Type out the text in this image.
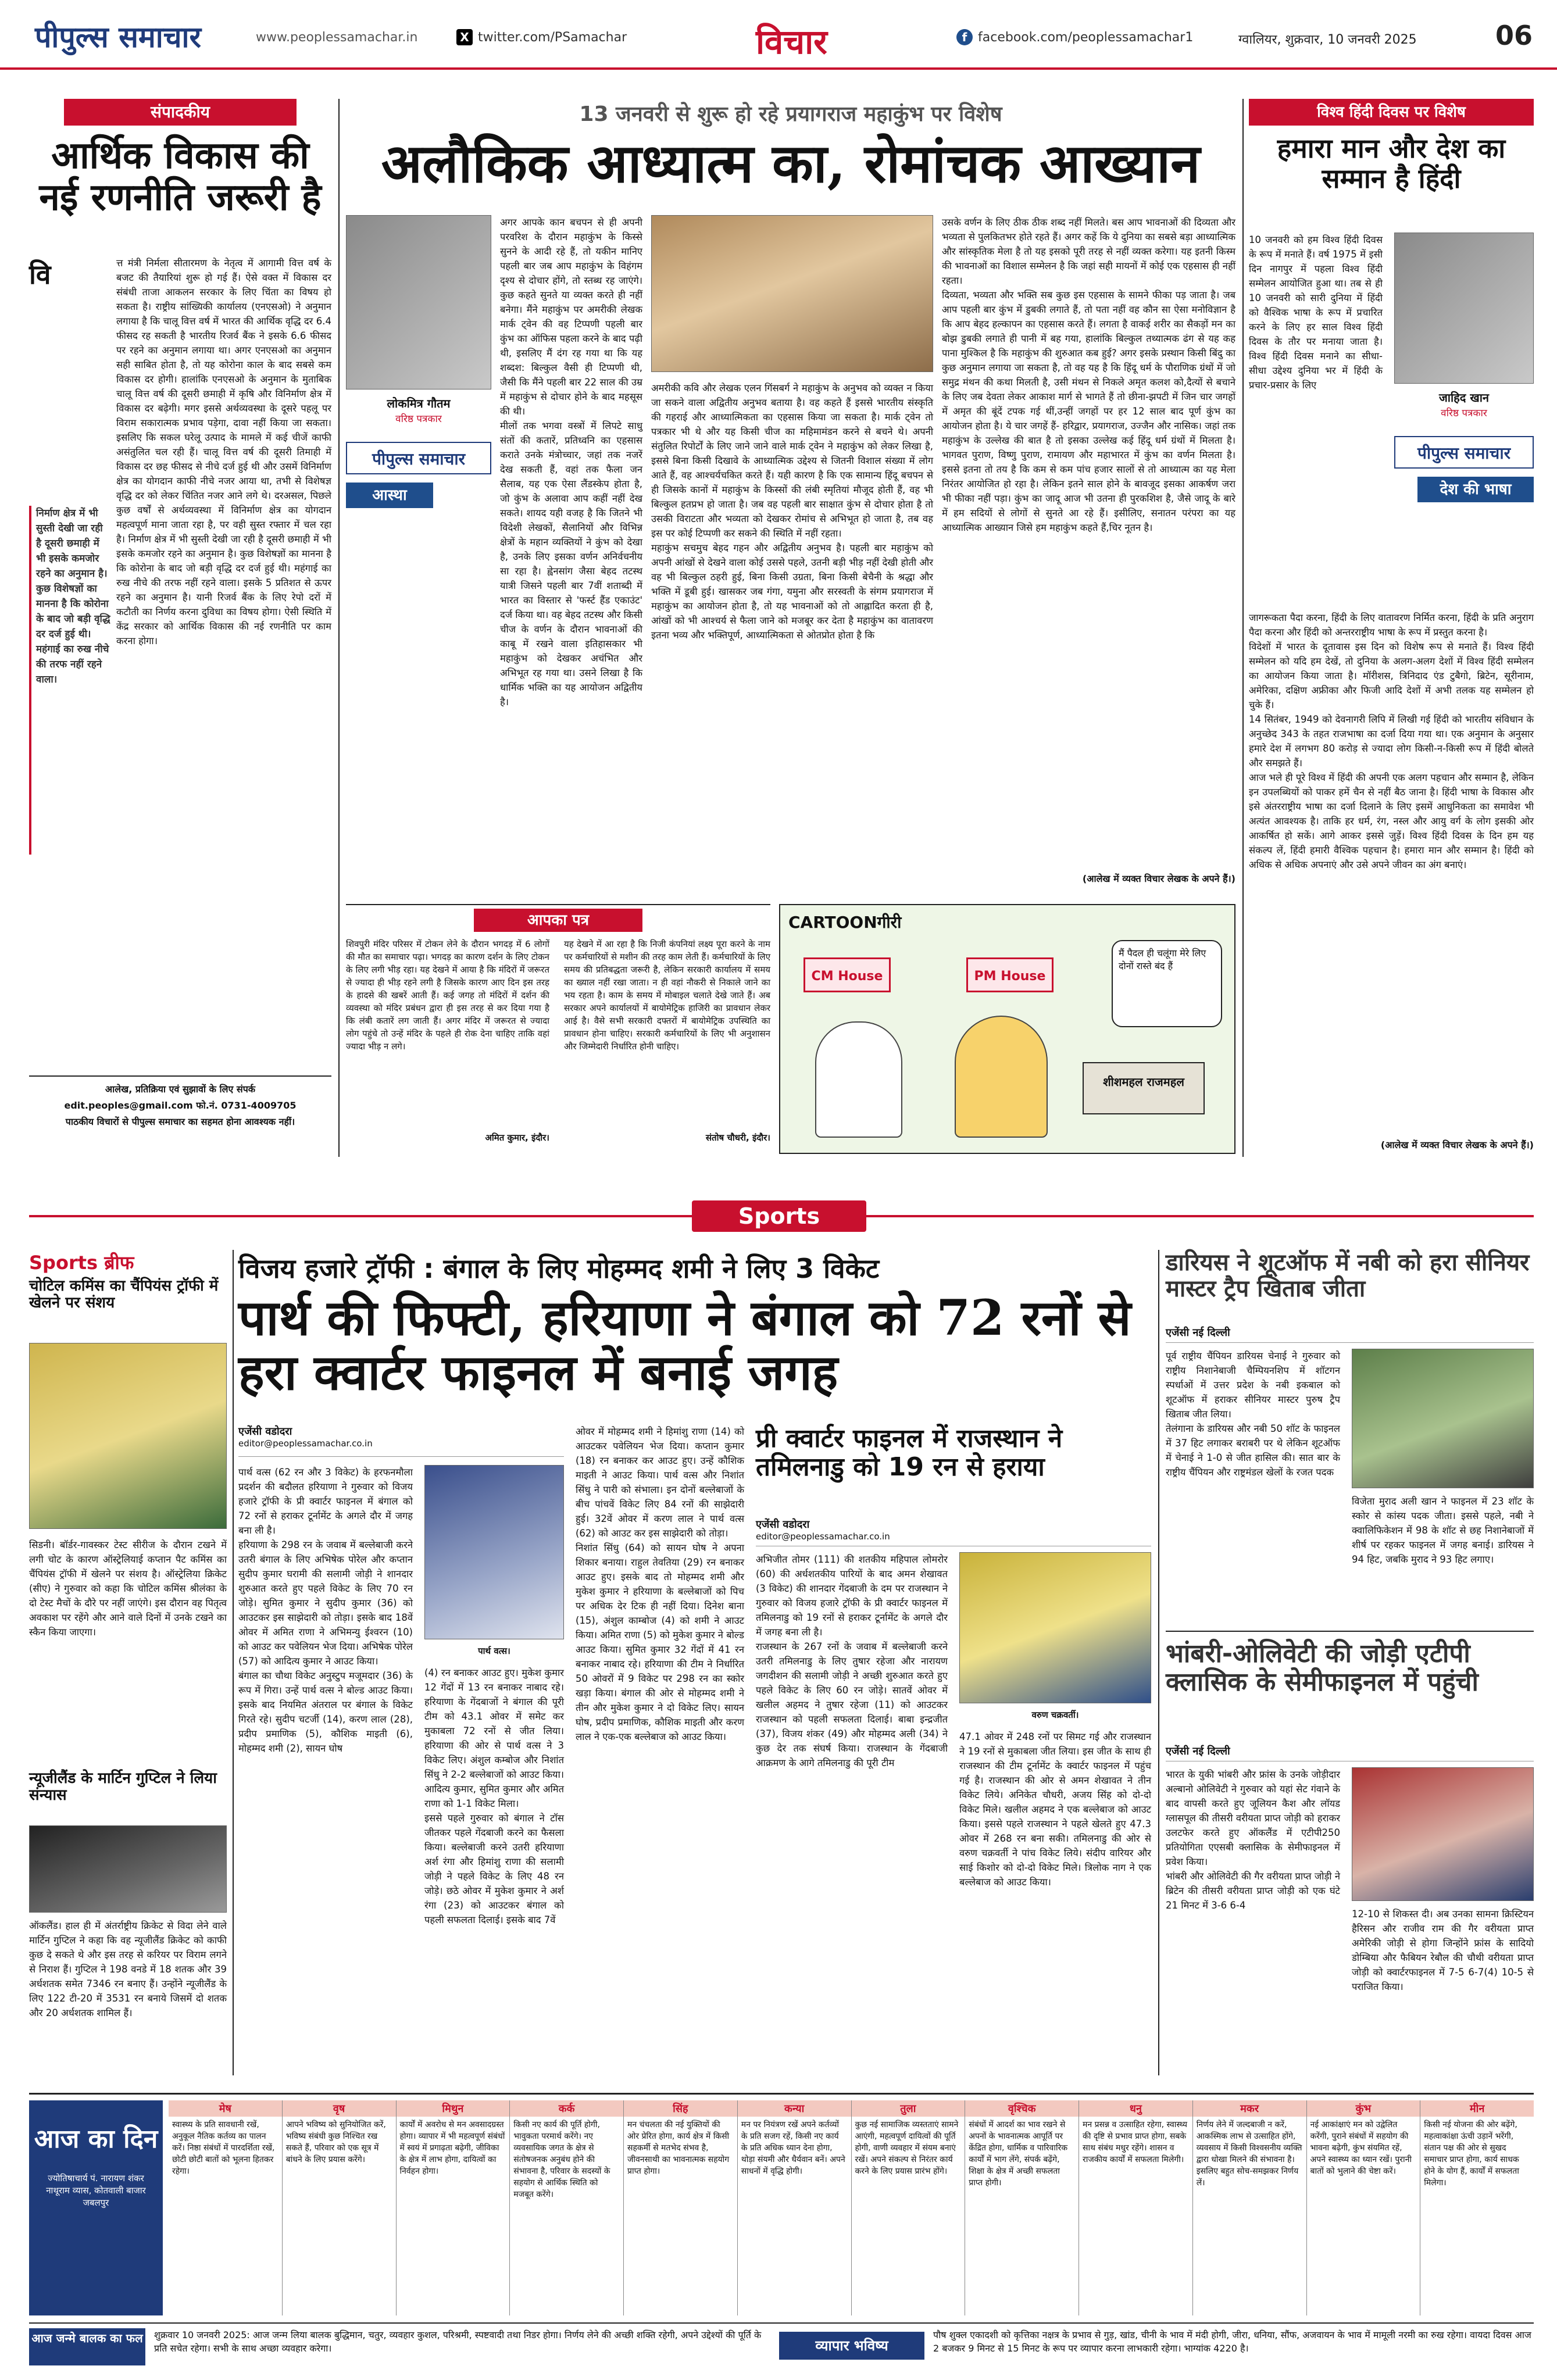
पीपुल्स समाचार	www.peoplessamachar.in	X twitter.com/PSamachar	विचार	f facebook.com/peoplessamachar1	ग्वालियर, शुक्रवार, 10 जनवरी 2025	06
संपादकीय
आर्थिक विकास की नई रणनीति जरूरी है
वि	त्त मंत्री निर्मला सीतारमण के नेतृत्व में आगामी वित्त वर्ष के बजट की तैयारियां शुरू हो गई हैं। ऐसे वक्त में विकास दर संबंधी ताजा आकलन सरकार के लिए चिंता का विषय हो सकता है। राष्ट्रीय सांख्यिकी कार्यालय (एनएसओ) ने अनुमान लगाया है कि चालू वित्त वर्ष में भारत की आर्थिक वृद्धि दर 6.4 फीसद रह सकती है भारतीय रिजर्व बैंक ने इसके 6.6 फीसद पर रहने का अनुमान लगाया था। अगर एनएसओ का अनुमान सही साबित होता है, तो यह कोरोना काल के बाद सबसे कम विकास दर होगी। हालांकि एनएसओ के अनुमान के मुताबिक चालू वित्त वर्ष की दूसरी छमाही में कृषि और विनिर्माण क्षेत्र में विकास दर बढ़ेगी। मगर इससे अर्थव्यवस्था के दूसरे पहलू पर विराम सकारात्मक प्रभाव पड़ेगा, दावा नहीं किया जा सकता। इसलिए कि सकल घरेलू उत्पाद के मामले में कई चीजें काफी असंतुलित चल रही हैं। चालू वित्त वर्ष की दूसरी तिमाही में विकास दर छह फीसद से नीचे दर्ज हुई थी और उसमें विनिर्माण क्षेत्र का योगदान काफी नीचे नजर आया था, तभी से विशेषज्ञ वृद्धि दर को लेकर चिंतित नजर आने लगे थे। दरअसल, पिछले कुछ वर्षों से अर्थव्यवस्था में विनिर्माण क्षेत्र का योगदान महत्वपूर्ण माना जाता रहा है, पर वही सुस्त रफ्तार में चल रहा है। निर्माण क्षेत्र में भी सुस्ती देखी जा रही है दूसरी छमाही में भी इसके कमजोर रहने का अनुमान है। कुछ विशेषज्ञों का मानना है कि कोरोना के बाद जो बड़ी वृद्धि दर दर्ज हुई थी। महंगाई का रुख नीचे की तरफ नहीं रहने वाला। इसके 5 प्रतिशत से ऊपर रहने का अनुमान है। यानी रिजर्व बैंक के लिए रेपो दरों में कटौती का निर्णय करना दुविधा का विषय होगा। ऐसी स्थिति में केंद्र सरकार को आर्थिक विकास की नई रणनीति पर काम करना होगा।
निर्माण क्षेत्र में भी सुस्ती देखी जा रही है दूसरी छमाही में भी इसके कमजोर रहने का अनुमान है। कुछ विशेषज्ञों का मानना है कि कोरोना के बाद जो बड़ी वृद्धि दर दर्ज हुई थी। महंगाई का रुख नीचे की तरफ नहीं रहने वाला।
आलेख, प्रतिक्रिया एवं सुझावों के लिए संपर्क
edit.peoples@gmail.com फो.नं. 0731-4009705
पाठकीय विचारों से पीपुल्स समाचार का सहमत होना आवश्यक नहीं।
13 जनवरी से शुरू हो रहे प्रयागराज महाकुंभ पर विशेष
अलौकिक आध्यात्म का, रोमांचक आख्यान
लोकमित्र गौतम
वरिष्ठ पत्रकार
पीपुल्स समाचार
आस्था
अगर आपके कान बचपन से ही अपनी परवरिश के दौरान महाकुंभ के किस्से सुनने के आदी रहे हैं, तो यकीन मानिए पहली बार जब आप महाकुंभ के विहंगम दृश्य से दोचार होंगे, तो स्तब्ध रह जाएंगे। कुछ कहते सुनते या व्यक्त करते ही नहीं बनेगा। मैंने महाकुंभ पर अमरीकी लेखक मार्क ट्वेन की वह टिप्पणी पहली बार कुंभ का ऑफिस पहला करने के बाद पढ़ी थी, इसलिए मैं दंग रह गया था कि यह शब्दश: बिल्कुल वैसी ही टिप्पणी थी, जैसी कि मैंने पहली बार 22 साल की उम्र में महाकुंभ से दोचार होने के बाद महसूस की थी।
मीलों तक भगवा वस्त्रों में लिपटे साधु संतों की कतारें, प्रतिध्वनि का एहसास कराते उनके मंत्रोच्चार, जहां तक नजरें देख सकती हैं, वहां तक फैला जन सैलाब, यह एक ऐसा लैंडस्केप होता है, जो कुंभ के अलावा आप कहीं नहीं देख सकते। शायद यही वजह है कि जितने भी विदेशी लेखकों, सैलानियों और विभिन्न क्षेत्रों के महान व्यक्तियों ने कुंभ को देखा है, उनके लिए इसका वर्णन अनिर्वचनीय सा रहा है। ह्वेनसांग जैसा बेहद तटस्थ यात्री जिसने पहली बार 7वीं शताब्दी में भारत का विस्तार से 'फर्स्ट हैंड एकाउंट' दर्ज किया था। वह बेहद तटस्थ और किसी चीज के वर्णन के दौरान भावनाओं की काबू में रखने वाला इतिहासकार भी महाकुंभ को देखकर अचंभित और अभिभूत रह गया था। उसने लिखा है कि धार्मिक भक्ति का यह आयोजन अद्वितीय है।
अमरीकी कवि और लेखक एलन गिंसबर्ग ने महाकुंभ के अनुभव को व्यक्त न किया जा सकने वाला अद्वितीय अनुभव बताया है। वह कहते हैं इससे भारतीय संस्कृति की गहराई और आध्यात्मिकता का एहसास किया जा सकता है। मार्क ट्वेन तो पत्रकार भी थे और यह किसी चीज का महिमामंडन करने से बचने थे। अपनी संतुलित रिपोर्टों के लिए जाने जाने वाले मार्क ट्वेन ने महाकुंभ को लेकर लिखा है, इससे बिना किसी दिखावे के आध्यात्मिक उद्देश्य से जितनी विशाल संख्या में लोग आते हैं, वह आश्चर्यचकित करते हैं। यही कारण है कि एक सामान्य हिंदू बचपन से ही जिसके कानों में महाकुंभ के किस्सों की लंबी स्मृतियां मौजूद होती हैं, वह भी बिल्कुल हतप्रभ हो जाता है। जब वह पहली बार साक्षात कुंभ से दोचार होता है तो उसकी विराटता और भव्यता को देखकर रोमांच से अभिभूत हो जाता है, तब वह इस पर कोई टिप्पणी कर सकने की स्थिति में नहीं रहता।
महाकुंभ सचमुच बेहद गहन और अद्वितीय अनुभव है। पहली बार महाकुंभ को अपनी आंखों से देखने वाला कोई उससे पहले, उतनी बड़ी भीड़ नहीं देखी होती और वह भी बिल्कुल ठहरी हुई, बिना किसी उग्रता, बिना किसी बेचैनी के श्रद्धा और भक्ति में डूबी हुई। खासकर जब गंगा, यमुना और सरस्वती के संगम प्रयागराज में महाकुंभ का आयोजन होता है, तो यह भावनाओं को तो आह्लादित करता ही है, आंखों को भी आश्चर्य से फैला जाने को मजबूर कर देता है महाकुंभ का वातावरण इतना भव्य और भक्तिपूर्ण, आध्यात्मिकता से ओतप्रोत होता है कि
उसके वर्णन के लिए ठीक ठीक शब्द नहीं मिलते। बस आप भावनाओं की दिव्यता और भव्यता से पुलकितभर होते रहते हैं। अगर कहें कि ये दुनिया का सबसे बड़ा आध्यात्मिक और सांस्कृतिक मेला है तो यह इसको पूरी तरह से नहीं व्यक्त करेगा। यह इतनी किस्म की भावनाओं का विशाल सम्मेलन है कि जहां सही मायनों में कोई एक एहसास ही नहीं रहता।
दिव्यता, भव्यता और भक्ति सब कुछ इस एहसास के सामने फीका पड़ जाता है। जब आप पहली बार कुंभ में डुबकी लगाते हैं, तो पता नहीं वह कौन सा ऐसा मनोविज्ञान है कि आप बेहद हल्कापन का एहसास करते हैं। लगता है वाकई शरीर का सैकड़ों मन का बोझ डुबकी लगाते ही पानी में बह गया, हालांकि बिल्कुल तथ्यात्मक ढंग से यह कह पाना मुश्किल है कि महाकुंभ की शुरुआत कब हुई? अगर इसके प्रस्थान किसी बिंदु का कुछ अनुमान लगाया जा सकता है, तो वह यह है कि हिंदू धर्म के पौराणिक ग्रंथों में जो समुद्र मंथन की कथा मिलती है, उसी मंथन से निकले अमृत कलश को,दैत्यों से बचाने के लिए जब देवता लेकर आकाश मार्ग से भागते हैं तो छीना-झपटी में जिन चार जगहों में अमृत की बूंदें टपक गई थीं,उन्हीं जगहों पर हर 12 साल बाद पूर्ण कुंभ का आयोजन होता है। ये चार जगहें हैं- हरिद्वार, प्रयागराज, उज्जैन और नासिक। जहां तक महाकुंभ के उल्लेख की बात है तो इसका उल्लेख कई हिंदू धर्म ग्रंथों में मिलता है। भागवत पुराण, विष्णु पुराण, रामायण और महाभारत में कुंभ का वर्णन मिलता है। इससे इतना तो तय है कि कम से कम पांच हजार सालों से तो आध्यात्म का यह मेला निरंतर आयोजित हो रहा है। लेकिन इतने साल होने के बावजूद इसका आकर्षण जरा भी फीका नहीं पड़ा। कुंभ का जादू आज भी उतना ही पुरकशिश है, जैसे जादू के बारे में हम सदियों से लोगों से सुनते आ रहे हैं। इसीलिए, सनातन परंपरा का यह आध्यात्मिक आख्यान जिसे हम महाकुंभ कहते हैं,चिर नूतन है।
(आलेख में व्यक्त विचार लेखक के अपने हैं।)
आपका पत्र
शिवपुरी मंदिर परिसर में टोकन लेने के दौरान भगदड़ में 6 लोगों की मौत का समाचार पढ़ा। भगदड़ का कारण दर्शन के लिए टोकन के लिए लगी भीड़ रहा। यह देखने में आया है कि मंदिरों में जरूरत से ज्यादा ही भीड़ रहने लगी है जिसके कारण आए दिन इस तरह के हादसे की खबरें आती हैं। कई जगह तो मंदिरों में दर्शन की व्यवस्था को मंदिर प्रबंधन द्वारा ही इस तरह से कर दिया गया है कि लंबी कतारें लग जाती हैं। अगर मंदिर में जरूरत से ज्यादा लोग पहुंचे तो उन्हें मंदिर के पहले ही रोक देना चाहिए ताकि वहां ज्यादा भीड़ न लगे।
अमित कुमार, इंदौर।
यह देखने में आ रहा है कि निजी कंपनियां लक्ष्य पूरा करने के नाम पर कर्मचारियों से मशीन की तरह काम लेती हैं। कर्मचारियों के लिए समय की प्रतिबद्धता जरूरी है, लेकिन सरकारी कार्यालय में समय का ख्याल नहीं रखा जाता। न ही वहां नौकरी से निकाले जाने का भय रहता है। काम के समय में मोबाइल चलाते देखे जाते हैं। अब सरकार अपने कार्यालयों में बायोमेट्रिक हाजिरी का प्रावधान लेकर आई है। वैसे सभी सरकारी दफ्तरों में बायोमेट्रिक उपस्थिति का प्रावधान होना चाहिए। सरकारी कर्मचारियों के लिए भी अनुशासन और जिम्मेदारी निर्धारित होनी चाहिए।
संतोष चौधरी, इंदौर।
CARTOONगीरी
CM House	PM House
मैं पैदल ही चलूंगा मेरे लिए दोनों रास्ते बंद हैं
शीशमहल राजमहल
विश्व हिंदी दिवस पर विशेष
हमारा मान और देश का सम्मान है हिंदी
10 जनवरी को हम विश्व हिंदी दिवस के रूप में मनाते हैं। वर्ष 1975 में इसी दिन नागपुर में पहला विश्व हिंदी सम्मेलन आयोजित हुआ था। तब से ही 10 जनवरी को सारी दुनिया में हिंदी को वैश्विक भाषा के रूप में प्रचारित करने के लिए हर साल विश्व हिंदी दिवस के तौर पर मनाया जाता है। विश्व हिंदी दिवस मनाने का सीधा-सीधा उद्देश्य दुनिया भर में हिंदी के प्रचार-प्रसार के लिए
जाहिद खान
वरिष्ठ पत्रकार
पीपुल्स समाचार
देश की भाषा
जागरूकता पैदा करना, हिंदी के लिए वातावरण निर्मित करना, हिंदी के प्रति अनुराग पैदा करना और हिंदी को अन्तरराष्ट्रीय भाषा के रूप में प्रस्तुत करना है।
विदेशों में भारत के दूतावास इस दिन को विशेष रूप से मनाते हैं। विश्व हिंदी सम्मेलन को यदि हम देखें, तो दुनिया के अलग-अलग देशों में विश्व हिंदी सम्मेलन का आयोजन किया जाता है। मॉरीशस, त्रिनिदाद एंड टुबैगो, ब्रिटेन, सूरीनाम, अमेरिका, दक्षिण अफ्रीका और फिजी आदि देशों में अभी तलक यह सम्मेलन हो चुके हैं।
14 सितंबर, 1949 को देवनागरी लिपि में लिखी गई हिंदी को भारतीय संविधान के अनुच्छेद 343 के तहत राजभाषा का दर्जा दिया गया था। एक अनुमान के अनुसार हमारे देश में लगभग 80 करोड़ से ज्यादा लोग किसी-न-किसी रूप में हिंदी बोलते और समझते हैं।
आज भले ही पूरे विश्व में हिंदी की अपनी एक अलग पहचान और सम्मान है, लेकिन इन उपलब्धियों को पाकर हमें चैन से नहीं बैठ जाना है। हिंदी भाषा के विकास और इसे अंतरराष्ट्रीय भाषा का दर्जा दिलाने के लिए इसमें आधुनिकता का समावेश भी अत्यंत आवश्यक है। ताकि हर धर्म, रंग, नस्ल और आयु वर्ग के लोग इसकी ओर आकर्षित हो सकें। आगे आकर इससे जुड़ें। विश्व हिंदी दिवस के दिन हम यह संकल्प लें, हिंदी हमारी वैश्विक पहचान है। हमारा मान और सम्मान है। हिंदी को अधिक से अधिक अपनाएं और उसे अपने जीवन का अंग बनाएं।
(आलेख में व्यक्त विचार लेखक के अपने हैं।)
Sports
Sports ब्रीफ
चोटिल कमिंस का चैंपियंस ट्रॉफी में खेलने पर संशय
सिडनी। बॉर्डर-गावस्कर टेस्ट सीरीज के दौरान टखने में लगी चोट के कारण ऑस्ट्रेलियाई कप्तान पैट कमिंस का चैंपियंस ट्रॉफी में खेलने पर संशय है। ऑस्ट्रेलिया क्रिकेट (सीए) ने गुरुवार को कहा कि चोटिल कमिंस श्रीलंका के दो टेस्ट मैचों के दौरे पर नहीं जाएंगे। इस दौरान वह पितृत्व अवकाश पर रहेंगे और आने वाले दिनों में उनके टखने का स्कैन किया जाएगा।
न्यूजीलैंड के मार्टिन गुप्टिल ने लिया संन्यास
ऑकलैंड। हाल ही में अंतर्राष्ट्रीय क्रिकेट से विदा लेने वाले मार्टिन गुप्टिल ने कहा कि वह न्यूजीलैंड क्रिकेट को काफी कुछ दे सकते थे और इस तरह से करियर पर विराम लगने से निराश हैं। गुप्टिल ने 198 वनडे में 18 शतक और 39 अर्धशतक समेत 7346 रन बनाए हैं। उन्होंने न्यूजीलैंड के लिए 122 टी-20 में 3531 रन बनाये जिसमें दो शतक और 20 अर्धशतक शामिल हैं।
विजय हजारे ट्रॉफी : बंगाल के लिए मोहम्मद शमी ने लिए 3 विकेट
पार्थ की फिफ्टी, हरियाणा ने बंगाल को 72 रनों से हरा क्वार्टर फाइनल में बनाई जगह
एजेंसी वडोदरा
editor@peoplessamachar.co.in
पार्थ वत्स (62 रन और 3 विकेट) के हरफनमौला प्रदर्शन की बदौलत हरियाणा ने गुरुवार को विजय हजारे ट्रॉफी के प्री क्वार्टर फाइनल में बंगाल को 72 रनों से हराकर टूर्नामेंट के अगले दौर में जगह बना ली है।
हरियाणा के 298 रन के जवाब में बल्लेबाजी करने उतरी बंगाल के लिए अभिषेक पोरेल और कप्तान सुदीप कुमार घरामी की सलामी जोड़ी ने शानदार शुरुआत करते हुए पहले विकेट के लिए 70 रन जोड़े। सुमित कुमार ने सुदीप कुमार (36) को आउटकर इस साझेदारी को तोड़ा। इसके बाद 18वें ओवर में अमित राणा ने अभिमन्यु ईश्वरन (10) को आउट कर पवेलियन भेज दिया। अभिषेक पोरेल (57) को आदित्य कुमार ने आउट किया।
बंगाल का चौथा विकेट अनुस्टुप मजूमदार (36) के रूप में गिरा। उन्हें पार्थ वत्स ने बोल्ड आउट किया। इसके बाद नियमित अंतराल पर बंगाल के विकेट गिरते रहे। सुदीप चटर्जी (14), करण लाल (28), प्रदीप प्रमाणिक (5), कौशिक माइती (6), मोहम्मद शमी (2), सायन घोष
पार्थ वत्स।
(4) रन बनाकर आउट हुए। मुकेश कुमार 12 गेंदों में 13 रन बनाकर नाबाद रहे। हरियाणा के गेंदबाजों ने बंगाल की पूरी टीम को 43.1 ओवर में समेट कर मुकाबला 72 रनों से जीत लिया। हरियाणा की ओर से पार्थ वत्स ने 3 विकेट लिए। अंशुल कम्बोज और निशांत सिंधु ने 2-2 बल्लेबाजों को आउट किया। आदित्य कुमार, सुमित कुमार और अमित राणा को 1-1 विकेट मिला।
इससे पहले गुरुवार को बंगाल ने टॉस जीतकर पहले गेंदबाजी करने का फैसला किया। बल्लेबाजी करने उतरी हरियाणा अर्श रंगा और हिमांशु राणा की सलामी जोड़ी ने पहले विकेट के लिए 48 रन जोड़े। छठे ओवर में मुकेश कुमार ने अर्श रंगा (23) को आउटकर बंगाल को पहली सफलता दिलाई। इसके बाद 7वें
ओवर में मोहम्मद शमी ने हिमांशु राणा (14) को आउटकर पवेलियन भेज दिया। कप्तान कुमार (18) रन बनाकर कर आउट हुए। उन्हें कौशिक माइती ने आउट किया। पार्थ वत्स और निशांत सिंधु ने पारी को संभाला। इन दोनों बल्लेबाजों के बीच पांचवें विकेट लिए 84 रनों की साझेदारी हुई। 32वें ओवर में करण लाल ने पार्थ वत्स (62) को आउट कर इस साझेदारी को तोड़ा।
निशांत सिंधु (64) को सायन घोष ने अपना शिकार बनाया। राहुल तेवतिया (29) रन बनाकर आउट हुए। इसके बाद तो मोहम्मद शमी और मुकेश कुमार ने हरियाणा के बल्लेबाजों को पिच पर अधिक देर टिक ही नहीं दिया। दिनेश बाना (15), अंशुल काम्बोज (4) को शमी ने आउट किया। अमित राणा (5) को मुकेश कुमार ने बोल्ड आउट किया। सुमित कुमार 32 गेंदों में 41 रन बनाकर नाबाद रहे। हरियाणा की टीम ने निर्धारित 50 ओवरों में 9 विकेट पर 298 रन का स्कोर खड़ा किया। बंगाल की ओर से मोहम्मद शमी ने तीन और मुकेश कुमार ने दो विकेट लिए। सायन घोष, प्रदीप प्रमाणिक, कौशिक माइती और करण लाल ने एक-एक बल्लेबाज को आउट किया।
प्री क्वार्टर फाइनल में राजस्थान ने तमिलनाडु को 19 रन से हराया
एजेंसी वडोदरा
editor@peoplessamachar.co.in
अभिजीत तोमर (111) की शतकीय महिपाल लोमरोर (60) की अर्धशतकीय पारियों के बाद अमन शेखावत (3 विकेट) की शानदार गेंदबाजी के दम पर राजस्थान ने गुरुवार को विजय हजारे ट्रॉफी के प्री क्वार्टर फाइनल में तमिलनाडु को 19 रनों से हराकर टूर्नामेंट के अगले दौर में जगह बना ली है।
राजस्थान के 267 रनों के जवाब में बल्लेबाजी करने उतरी तमिलनाडु के लिए तुषार रहेजा और नारायण जगदीशन की सलामी जोड़ी ने अच्छी शुरुआत करते हुए पहले विकेट के लिए 60 रन जोड़े। सातवें ओवर में खलील अहमद ने तुषार रहेजा (11) को आउटकर राजस्थान को पहली सफलता दिलाई। बाबा इन्द्रजीत (37), विजय शंकर (49) और मोहम्मद अली (34) ने कुछ देर तक संघर्ष किया। राजस्थान के गेंदबाजी आक्रमण के आगे तमिलनाडु की पूरी टीम
वरुण चक्रवर्ती।
47.1 ओवर में 248 रनों पर सिमट गई और राजस्थान ने 19 रनों से मुकाबला जीत लिया। इस जीत के साथ ही राजस्थान की टीम टूर्नामेंट के क्वार्टर फाइनल में पहुंच गई है। राजस्थान की ओर से अमन शेखावत ने तीन विकेट लिये। अनिकेत चौधरी, अजय सिंह को दो-दो विकेट मिले। खलील अहमद ने एक बल्लेबाज को आउट किया। इससे पहले राजस्थान ने पहले खेलते हुए 47.3 ओवर में 268 रन बना सकी। तमिलनाडु की ओर से वरुण चक्रवर्ती ने पांच विकेट लिये। संदीप वारियर और साई किशोर को दो-दो विकेट मिले। त्रिलोक नाग ने एक बल्लेबाज को आउट किया।
डारियस ने शूटऑफ में नबी को हरा सीनियर मास्टर ट्रैप खिताब जीता
एजेंसी नई दिल्ली
पूर्व राष्ट्रीय चैंपियन डारियस चेनाई ने गुरुवार को राष्ट्रीय निशानेबाजी चैम्पियनशिप में शॉटगन स्पर्धाओं में उत्तर प्रदेश के नबी इकबाल को शूटऑफ में हराकर सीनियर मास्टर पुरुष ट्रैप खिताब जीत लिया।
तेलंगाना के डारियस और नबी 50 शॉट के फाइनल में 37 हिट लगाकर बराबरी पर थे लेकिन शूटऑफ में चेनाई ने 1-0 से जीत हासिल की। सात बार के राष्ट्रीय चैंपियन और राष्ट्रमंडल खेलों के रजत पदक
विजेता मुराद अली खान ने फाइनल में 23 शॉट के स्कोर से कांस्य पदक जीता। इससे पहले, नबी ने क्वालिफिकेशन में 98 के शॉट से छह निशानेबाजों में शीर्ष पर रहकर फाइनल में जगह बनाई। डारियस ने 94 हिट, जबकि मुराद ने 93 हिट लगाए।
भांबरी-ओलिवेटी की जोड़ी एटीपी क्लासिक के सेमीफाइनल में पहुंची
एजेंसी नई दिल्ली
भारत के युकी भांबरी और फ्रांस के उनके जोड़ीदार अल्बानो ओलिवेटी ने गुरुवार को यहां सेट गंवाने के बाद वापसी करते हुए जूलियन कैश और लॉयड ग्लासपूल की तीसरी वरीयता प्राप्त जोड़ी को हराकर उलटफेर करते हुए ऑकलैंड में एटीपी250 प्रतियोगिता एएसबी क्लासिक के सेमीफाइनल में प्रवेश किया।
भांबरी और ओलिवेटी की गैर वरीयता प्राप्त जोड़ी ने ब्रिटेन की तीसरी वरीयता प्राप्त जोड़ी को एक घंटे 21 मिनट में 3-6 6-4
12-10 से शिकस्त दी। अब उनका सामना क्रिस्टियन हैरिसन और राजीव राम की गैर वरीयता प्राप्त अमेरिकी जोड़ी से होगा जिन्होंने फ्रांस के सादियो डोम्बिया और फैबियन रेबौल की चौथी वरीयता प्राप्त जोड़ी को क्वार्टरफाइनल में 7-5 6-7(4) 10-5 से पराजित किया।
आज का दिन
ज्योतिषाचार्य पं. नारायण शंकर नाथूराम व्यास, कोतवाली बाजार जबलपुर
मेष
स्वास्थ्य के प्रति सावधानी रखें, अनुकूल नैतिक कर्तव्य का पालन करें। निष्ठा संबंधों में पारदर्शिता रखें, छोटी छोटी बातों को भूलना हितकर रहेगा।
वृष
आपने भविष्य को सुनियोजित करें, भविष्य संबंधी कुछ निश्चित रख सकते हैं, परिवार को एक सूत्र में बांधने के लिए प्रयास करेंगे।
मिथुन
कार्यों में अवरोध से मन अवसादग्रस्त होगा। व्यापार में भी महत्वपूर्ण संबंधों में स्वयं में प्रगाढ़ता बढ़ेगी, जीविका के क्षेत्र में लाभ होगा, दायित्वों का निर्वहन होगा।
कर्क
किसी नए कार्य की पूर्ति होगी, भावुकता परमार्थ करेंगे। नए व्यवसायिक जगत के क्षेत्र से संतोषजनक अनुबंध होने की संभावना है, परिवार के सदस्यों के सहयोग से आर्थिक स्थिति को मजबूत करेंगे।
सिंह
मन चंचलता की नई युक्तियों की ओर प्रेरित होगा, कार्य क्षेत्र में किसी सहकर्मी से मतभेद संभव है, जीवनसाथी का भावनात्मक सहयोग प्राप्त होगा।
कन्या
मन पर नियंत्रण रखें अपने कर्तव्यों के प्रति सजग रहें, किसी नए कार्य के प्रति अधिक ध्यान देना होगा, थोड़ा संयमी और धैर्यवान बनें। अपने साधनों में वृद्धि होगी।
तुला
कुछ नई सामाजिक व्यस्तताएं सामने आएंगी, महत्वपूर्ण दायित्वों की पूर्ति होगी, वाणी व्यवहार में संयम बनाएं रखें। अपने संकल्प से निरंतर कार्य करने के लिए प्रयास प्रारंभ होंगे।
वृश्चिक
संबंधों में आदर्श का भाव रखने से अपनों के भावनात्मक आपूर्ति पर केंद्रित होगा, धार्मिक व पारिवारिक कार्यों में भाग लेंगे, संपर्क बढ़ेंगे, शिक्षा के क्षेत्र में अच्छी सफलता प्राप्त होगी।
धनु
मन प्रसन्न व उत्साहित रहेगा, स्वास्थ्य की दृष्टि से प्रभाव प्राप्त होगा, सबके साथ संबंध मधुर रहेंगे। शासन व राजकीय कार्यों में सफलता मिलेगी।
मकर
निर्णय लेने में जल्दबाजी न करें, आकस्मिक लाभ से उत्साहित होंगे, व्यवसाय में किसी विश्वसनीय व्यक्ति द्वारा धोखा मिलने की संभावना है। इसलिए बहुत सोच-समझकर निर्णय लें।
कुंभ
नई आकांक्षाएं मन को उद्वेलित करेंगी, पुराने संबंधों में सहयोग की भावना बढ़ेगी, कुंभ संयमित रहें, अपने स्वास्थ्य का ध्यान रखें। पुरानी बातों को भुलाने की चेष्टा करें।
मीन
किसी नई योजना की ओर बढ़ेंगे, महत्वाकांक्षा ऊंची उड़ानें भरेंगी, संतान पक्ष की ओर से सुखद समाचार प्राप्त होगा, कार्य साधक होने के योग हैं, कार्यों में सफलता मिलेगा।
आज जन्मे बालक का फल शुक्रवार 10 जनवरी 2025: आज जन्म लिया बालक बुद्धिमान, चतुर, व्यवहार कुशल, परिश्रमी, स्पष्टवादी तथा निडर होगा। निर्णय लेने की अच्छी शक्ति रहेगी, अपने उद्देश्यों की पूर्ति के प्रति सचेत रहेगा। सभी के साथ अच्छा व्यवहार करेगा।	व्यापार भविष्य
पौष शुक्ल एकादशी को कृत्तिका नक्षत्र के प्रभाव से गुड़, खांड, चीनी के भाव में मंदी होगी, जीरा, धनिया, सौंफ, अजवायन के भाव में मामूली नरमी का रुख रहेगा। वायदा दिवस आज 2 बजकर 9 मिनट से 15 मिनट के रूप पर व्यापार करना लाभकारी रहेगा। भाग्यांक 4220 है।
